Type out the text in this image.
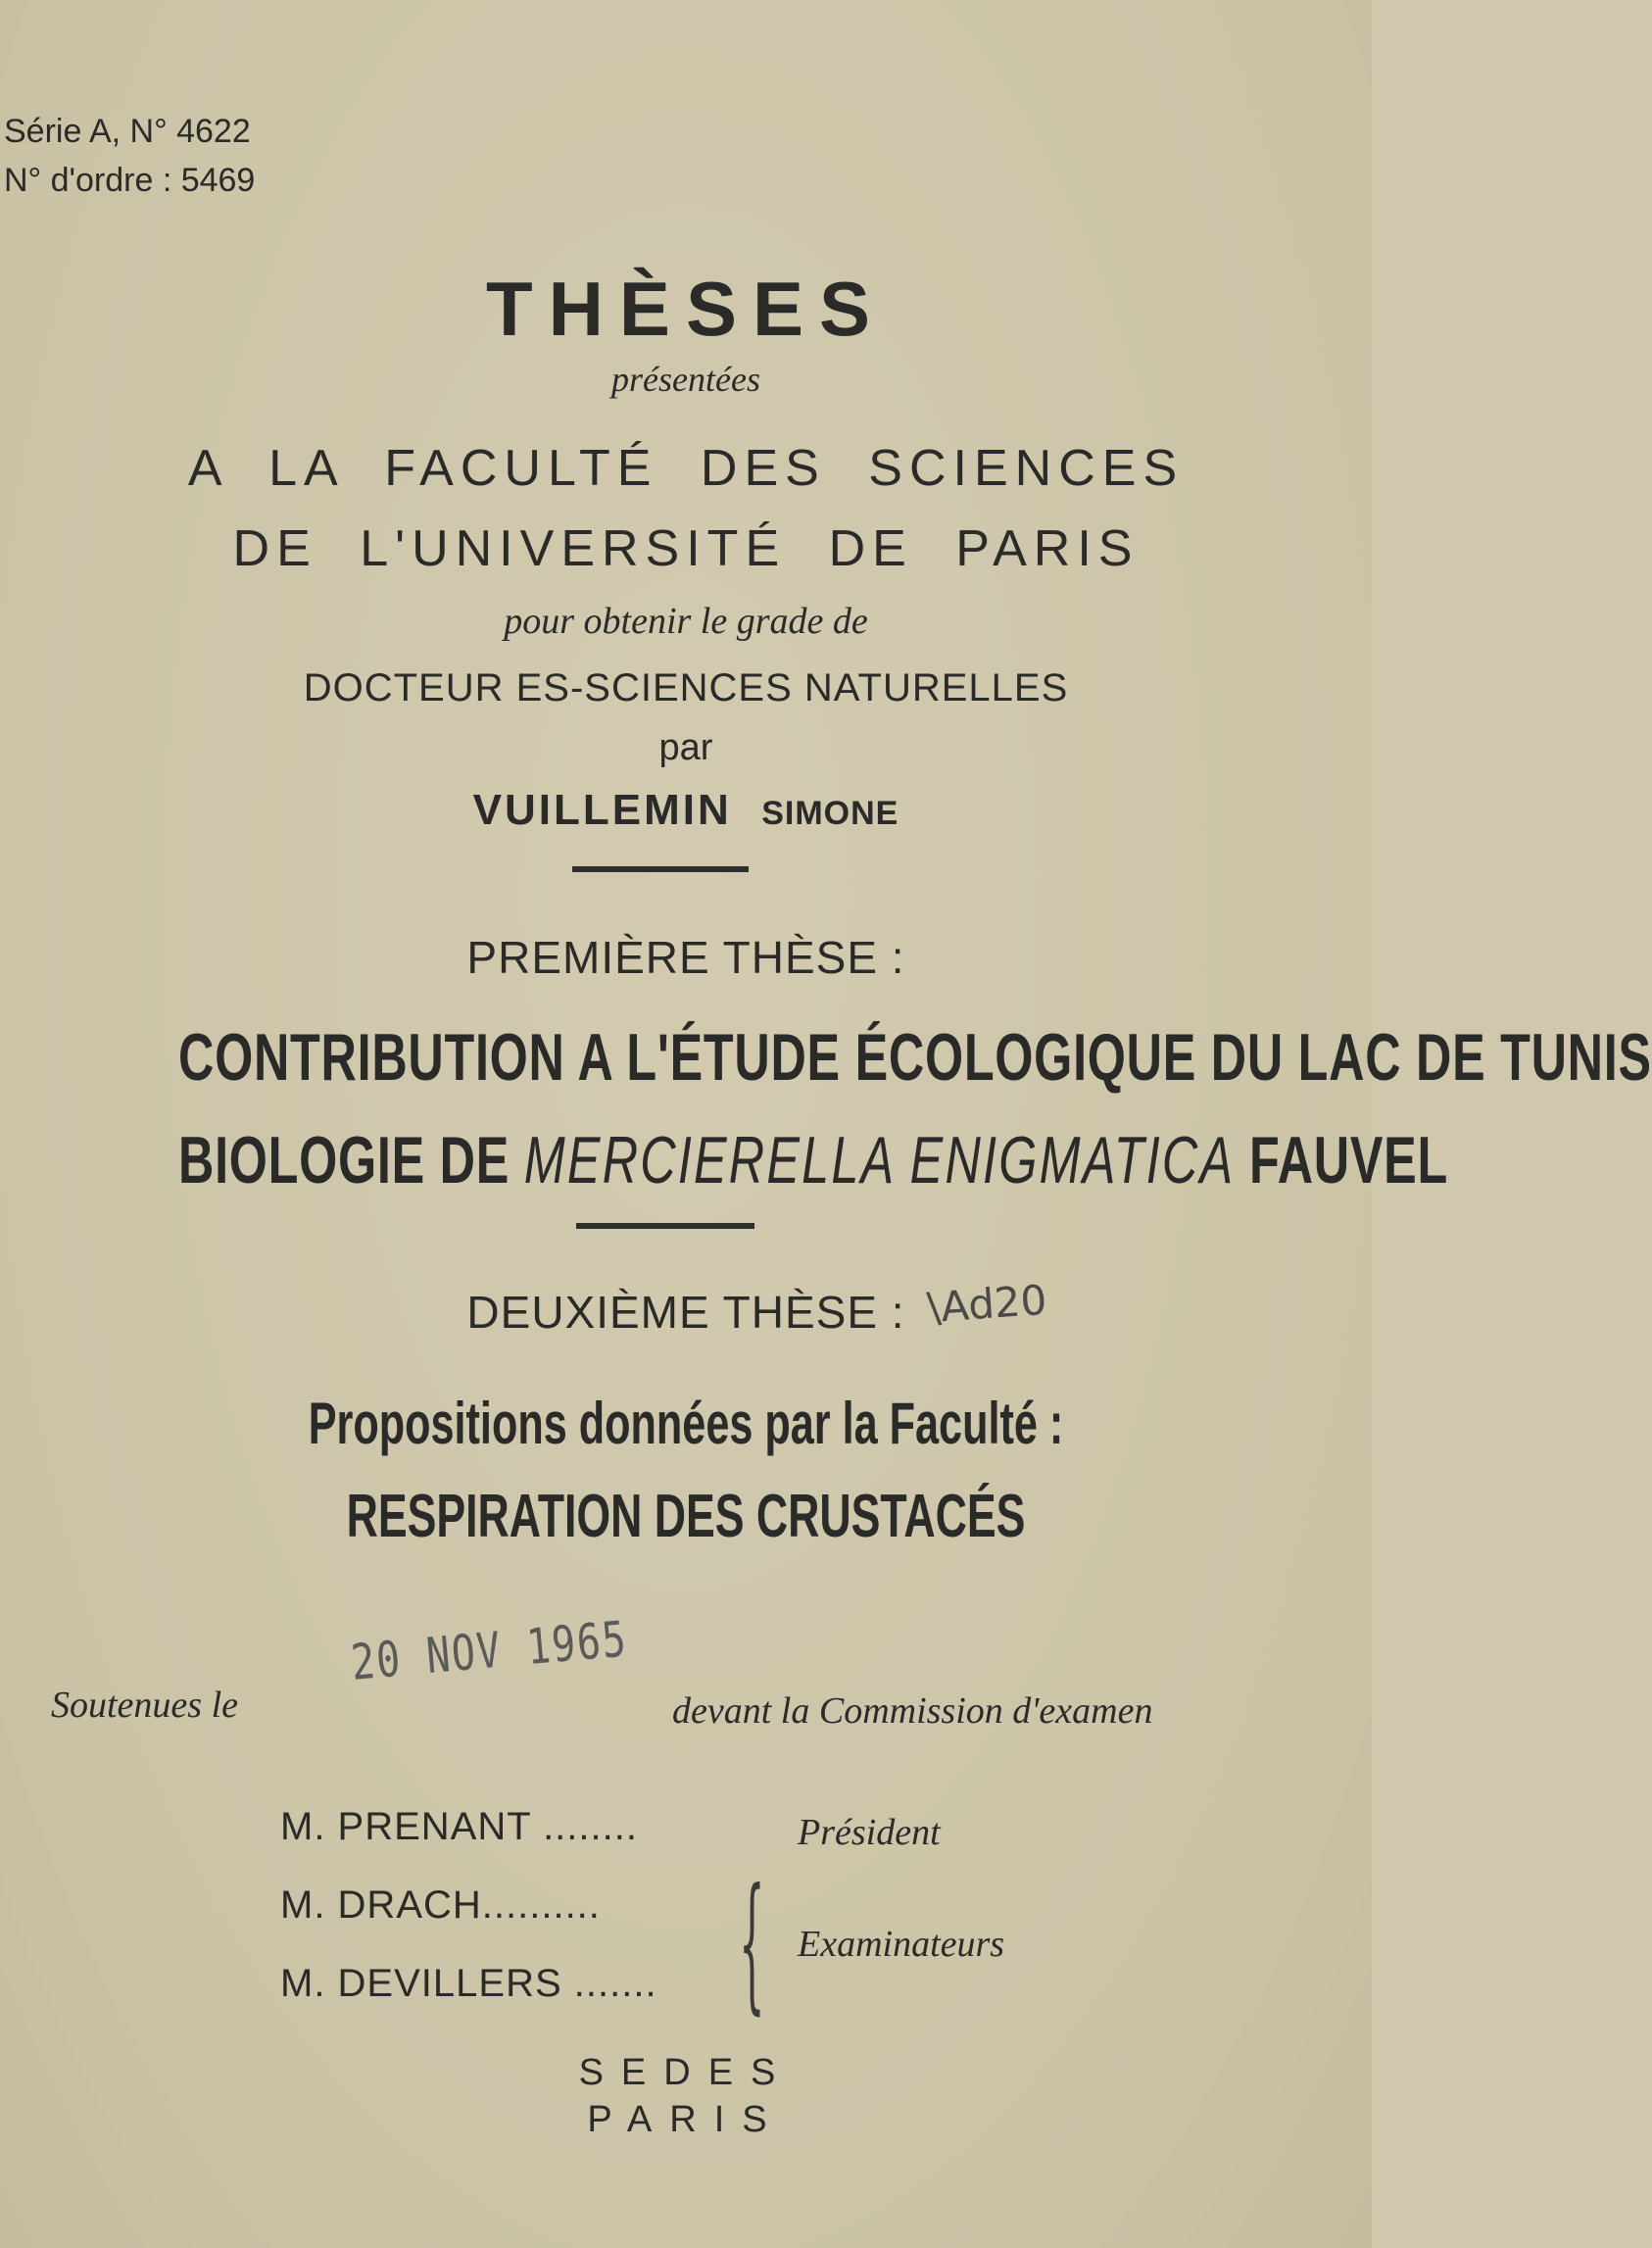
Série A, N° 4622
N° d'ordre : 5469
THÈSES
présentées
A LA FACULTÉ DES SCIENCES
DE L'UNIVERSITÉ DE PARIS
pour obtenir le grade de
DOCTEUR ES-SCIENCES NATURELLES
par
VUILLEMIN SIMONE
PREMIÈRE THÈSE :
CONTRIBUTION A L'ÉTUDE ÉCOLOGIQUE DU LAC DE TUNIS
BIOLOGIE DE MERCIERELLA ENIGMATICA FAUVEL
DEUXIÈME THÈSE : \Ad20
Propositions données par la Faculté :
RESPIRATION DES CRUSTACÉS
Soutenues le
20 NOV 1965
devant la Commission d'examen
M. PRENANT ........	Président
M. DRACH..........
M. DEVILLERS ....... { Examinateurs
SEDES
PARIS
